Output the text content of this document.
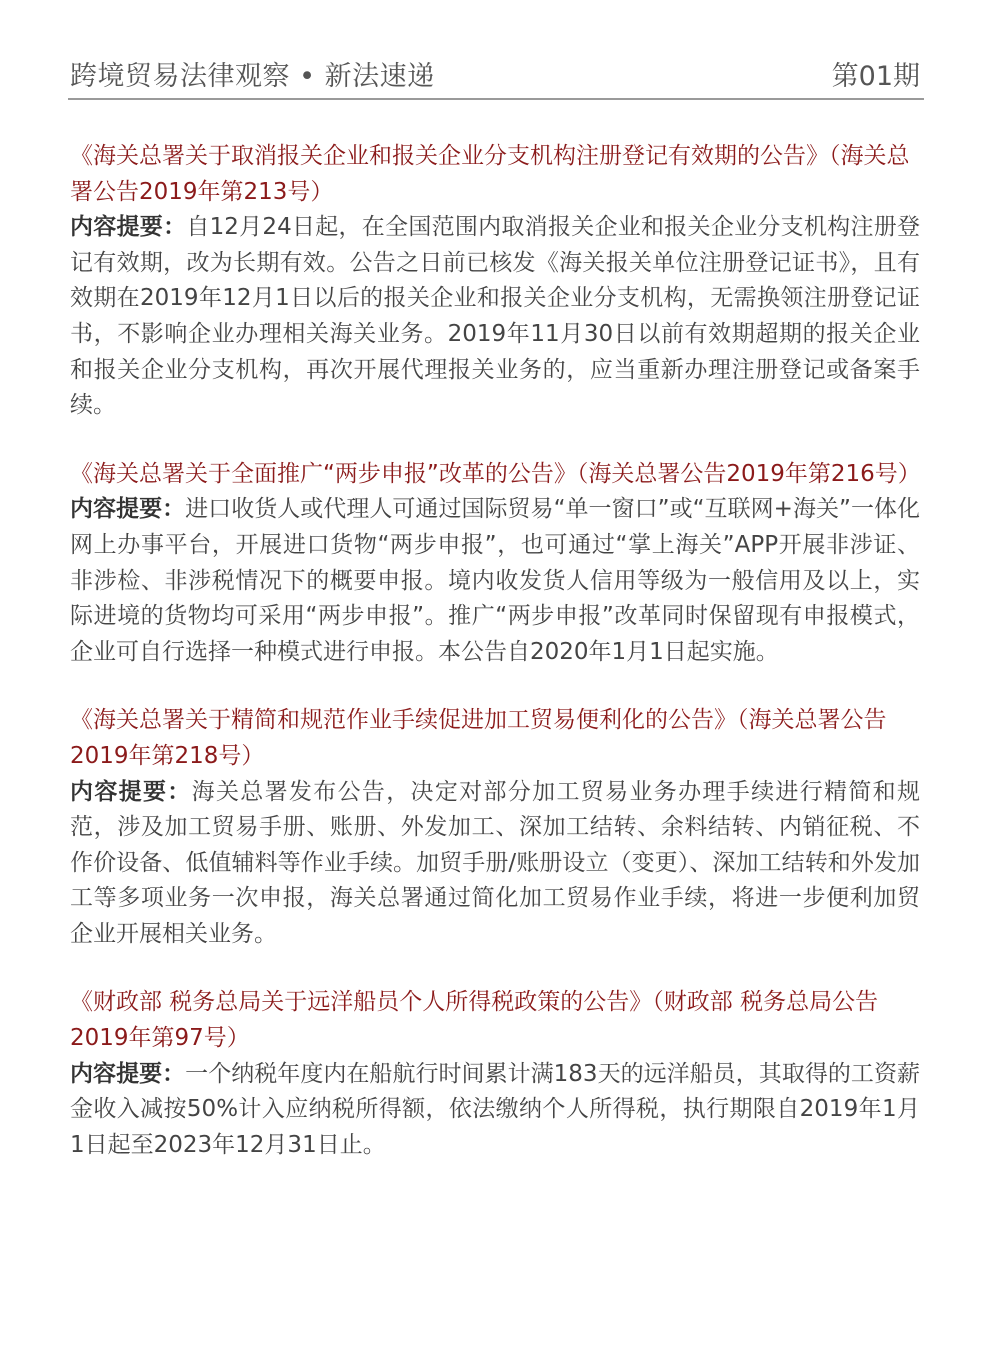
跨境贸易法律观察 • 新法速递	第01期

《海关总署关于取消报关企业和报关企业分支机构注册登记有效期的公告》（海关总署公告2019年第213号）

内容提要：自12月24日起，在全国范围内取消报关企业和报关企业分支机构注册登记有效期，改为长期有效。公告之日前已核发《海关报关单位注册登记证书》，且有效期在2019年12月1日以后的报关企业和报关企业分支机构，无需换领注册登记证书，不影响企业办理相关海关业务。2019年11月30日以前有效期超期的报关企业和报关企业分支机构，再次开展代理报关业务的，应当重新办理注册登记或备案手续。

《海关总署关于全面推广“两步申报”改革的公告》（海关总署公告2019年第216号）

内容提要：进口收货人或代理人可通过国际贸易“单一窗口”或“互联网+海关”一体化网上办事平台，开展进口货物“两步申报”，也可通过“掌上海关”APP开展非涉证、非涉检、非涉税情况下的概要申报。境内收发货人信用等级为一般信用及以上，实际进境的货物均可采用“两步申报”。推广“两步申报”改革同时保留现有申报模式，企业可自行选择一种模式进行申报。本公告自2020年1月1日起实施。

《海关总署关于精简和规范作业手续促进加工贸易便利化的公告》（海关总署公告2019年第218号）

内容提要：海关总署发布公告，决定对部分加工贸易业务办理手续进行精简和规范，涉及加工贸易手册、账册、外发加工、深加工结转、余料结转、内销征税、不作价设备、低值辅料等作业手续。加贸手册/账册设立（变更）、深加工结转和外发加工等多项业务一次申报，海关总署通过简化加工贸易作业手续，将进一步便利加贸企业开展相关业务。

《财政部 税务总局关于远洋船员个人所得税政策的公告》（财政部 税务总局公告2019年第97号）

内容提要：一个纳税年度内在船航行时间累计满183天的远洋船员，其取得的工资薪金收入减按50%计入应纳税所得额，依法缴纳个人所得税，执行期限自2019年1月1日起至2023年12月31日止。
